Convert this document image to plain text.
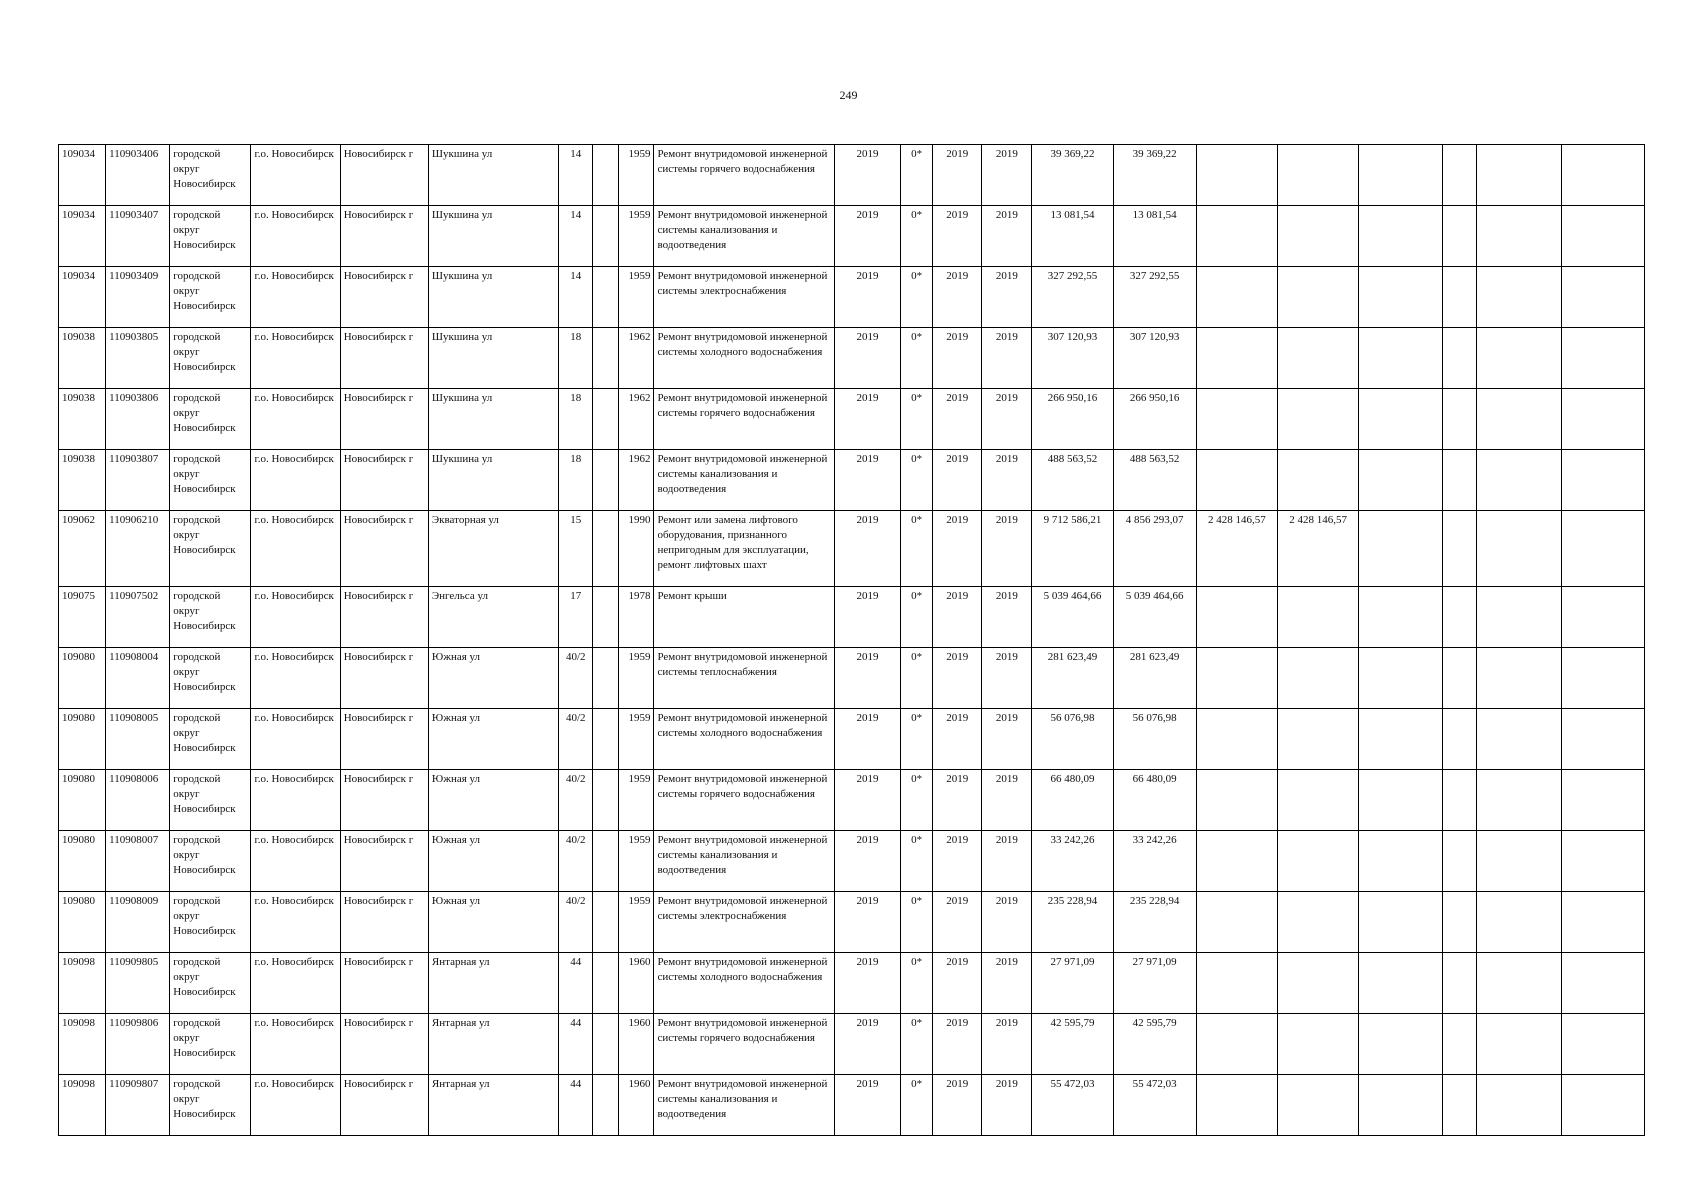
249
109034	110903406	городской округ Новосибирск	г.о. Новосибирск	Новосибирск г	Шукшина ул	14		1959	Ремонт внутридомовой инженерной системы горячего водоснабжения	2019	0*	2019	2019	39 369,22	39 369,22						
109034	110903407	городской округ Новосибирск	г.о. Новосибирск	Новосибирск г	Шукшина ул	14		1959	Ремонт внутридомовой инженерной системы канализования и водоотведения	2019	0*	2019	2019	13 081,54	13 081,54						
109034	110903409	городской округ Новосибирск	г.о. Новосибирск	Новосибирск г	Шукшина ул	14		1959	Ремонт внутридомовой инженерной системы электроснабжения	2019	0*	2019	2019	327 292,55	327 292,55						
109038	110903805	городской округ Новосибирск	г.о. Новосибирск	Новосибирск г	Шукшина ул	18		1962	Ремонт внутридомовой инженерной системы холодного водоснабжения	2019	0*	2019	2019	307 120,93	307 120,93						
109038	110903806	городской округ Новосибирск	г.о. Новосибирск	Новосибирск г	Шукшина ул	18		1962	Ремонт внутридомовой инженерной системы горячего водоснабжения	2019	0*	2019	2019	266 950,16	266 950,16						
109038	110903807	городской округ Новосибирск	г.о. Новосибирск	Новосибирск г	Шукшина ул	18		1962	Ремонт внутридомовой инженерной системы канализования и водоотведения	2019	0*	2019	2019	488 563,52	488 563,52						
109062	110906210	городской округ Новосибирск	г.о. Новосибирск	Новосибирск г	Экваторная ул	15		1990	Ремонт или замена лифтового оборудования, признанного непригодным для эксплуатации, ремонт лифтовых шахт	2019	0*	2019	2019	9 712 586,21	4 856 293,07	2 428 146,57	2 428 146,57				
109075	110907502	городской округ Новосибирск	г.о. Новосибирск	Новосибирск г	Энгельса ул	17		1978	Ремонт крыши	2019	0*	2019	2019	5 039 464,66	5 039 464,66						
109080	110908004	городской округ Новосибирск	г.о. Новосибирск	Новосибирск г	Южная ул	40/2		1959	Ремонт внутридомовой инженерной системы теплоснабжения	2019	0*	2019	2019	281 623,49	281 623,49						
109080	110908005	городской округ Новосибирск	г.о. Новосибирск	Новосибирск г	Южная ул	40/2		1959	Ремонт внутридомовой инженерной системы холодного водоснабжения	2019	0*	2019	2019	56 076,98	56 076,98						
109080	110908006	городской округ Новосибирск	г.о. Новосибирск	Новосибирск г	Южная ул	40/2		1959	Ремонт внутридомовой инженерной системы горячего водоснабжения	2019	0*	2019	2019	66 480,09	66 480,09						
109080	110908007	городской округ Новосибирск	г.о. Новосибирск	Новосибирск г	Южная ул	40/2		1959	Ремонт внутридомовой инженерной системы канализования и водоотведения	2019	0*	2019	2019	33 242,26	33 242,26						
109080	110908009	городской округ Новосибирск	г.о. Новосибирск	Новосибирск г	Южная ул	40/2		1959	Ремонт внутридомовой инженерной системы электроснабжения	2019	0*	2019	2019	235 228,94	235 228,94						
109098	110909805	городской округ Новосибирск	г.о. Новосибирск	Новосибирск г	Янтарная ул	44		1960	Ремонт внутридомовой инженерной системы холодного водоснабжения	2019	0*	2019	2019	27 971,09	27 971,09						
109098	110909806	городской округ Новосибирск	г.о. Новосибирск	Новосибирск г	Янтарная ул	44		1960	Ремонт внутридомовой инженерной системы горячего водоснабжения	2019	0*	2019	2019	42 595,79	42 595,79						
109098	110909807	городской округ Новосибирск	г.о. Новосибирск	Новосибирск г	Янтарная ул	44		1960	Ремонт внутридомовой инженерной системы канализования и водоотведения	2019	0*	2019	2019	55 472,03	55 472,03						
